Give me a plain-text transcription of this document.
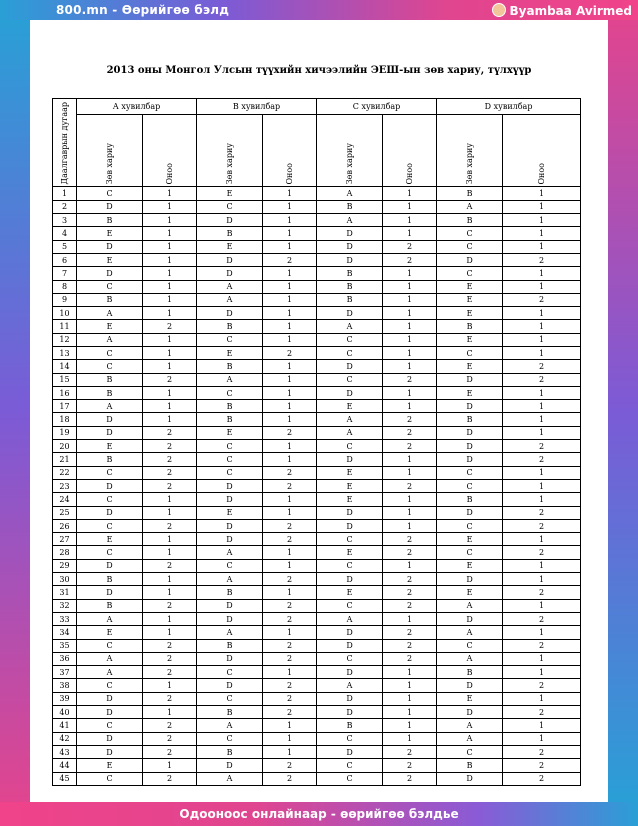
800.mn - Өөрийгөө бэлд	Byambaa Avirmed
2013 оны Монгол Улсын түүхийн хичээлийн ЭЕШ-ын зөв хариу, түлхүүр
Даалгаврын дугаар	А хувилбар		В хувилбар		С хувилбар		D хувилбар	
	Зөв хариу	Оноо	Зөв хариу	Оноо	Зөв хариу	Оноо	Зөв хариу	Оноо
1	C	1	E	1	A	1	B	1
2	D	1	C	1	B	1	A	1
3	B	1	D	1	A	1	B	1
4	E	1	B	1	D	1	C	1
5	D	1	E	1	D	2	C	1
6	E	1	D	2	D	2	D	2
7	D	1	D	1	B	1	C	1
8	C	1	A	1	B	1	E	1
9	B	1	A	1	B	1	E	2
10	A	1	D	1	D	1	E	1
11	E	2	B	1	A	1	B	1
12	A	1	C	1	C	1	E	1
13	C	1	E	2	C	1	C	1
14	C	1	B	1	D	1	E	2
15	B	2	A	1	C	2	D	2
16	B	1	C	1	D	1	E	1
17	A	1	B	1	E	1	D	1
18	D	1	B	1	A	2	B	1
19	D	2	E	2	A	2	D	1
20	E	2	C	1	C	2	D	2
21	B	2	C	1	D	1	D	2
22	C	2	C	2	E	1	C	1
23	D	2	D	2	E	2	C	1
24	C	1	D	1	E	1	B	1
25	D	1	E	1	D	1	D	2
26	C	2	D	2	D	1	C	2
27	E	1	D	2	C	2	E	1
28	C	1	A	1	E	2	C	2
29	D	2	C	1	C	1	E	1
30	B	1	A	2	D	2	D	1
31	D	1	B	1	E	2	E	2
32	B	2	D	2	C	2	A	1
33	A	1	D	2	A	1	D	2
34	E	1	A	1	D	2	A	1
35	C	2	B	2	D	2	C	2
36	A	2	D	2	C	2	A	1
37	A	2	C	1	D	1	B	1
38	C	1	D	2	A	1	D	2
39	D	2	C	2	D	1	E	1
40	D	1	B	2	D	1	D	2
41	C	2	A	1	B	1	A	1
42	D	2	C	1	C	1	A	1
43	D	2	B	1	D	2	C	2
44	E	1	D	2	C	2	B	2
45	C	2	A	2	C	2	D	2
Одооноос онлайнаар - өөрийгөө бэлдье
